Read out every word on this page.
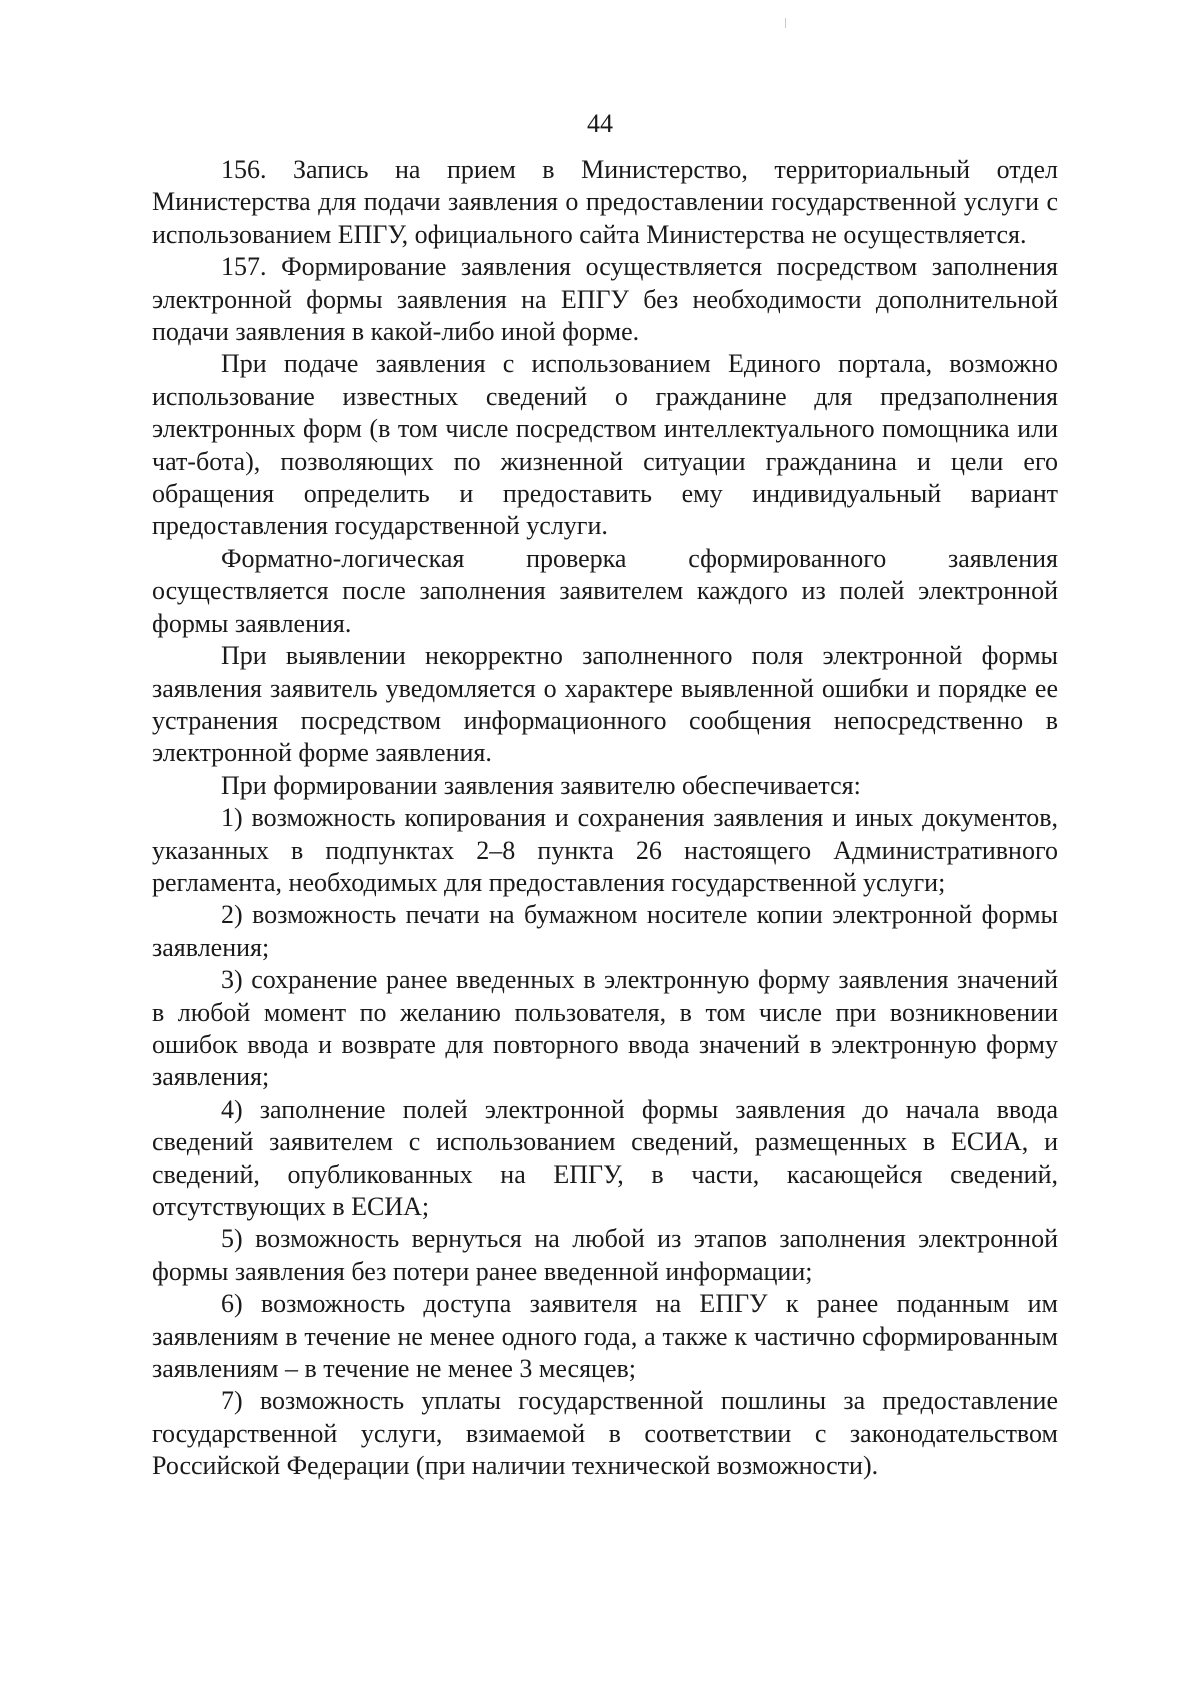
44

156. Запись на прием в Министерство, территориальный отдел Министерства для подачи заявления о предоставлении государственной услуги с использованием ЕПГУ, официального сайта Министерства не осуществляется.

157. Формирование заявления осуществляется посредством заполнения электронной формы заявления на ЕПГУ без необходимости дополнительной подачи заявления в какой-либо иной форме.

При подаче заявления с использованием Единого портала, возможно использование известных сведений о гражданине для предзаполнения электронных форм (в том числе посредством интеллектуального помощника или чат-бота), позволяющих по жизненной ситуации гражданина и цели его обращения определить и предоставить ему индивидуальный вариант предоставления государственной услуги.

Форматно-логическая проверка сформированного заявления осуществляется после заполнения заявителем каждого из полей электронной формы заявления.

При выявлении некорректно заполненного поля электронной формы заявления заявитель уведомляется о характере выявленной ошибки и порядке ее устранения посредством информационного сообщения непосредственно в электронной форме заявления.

При формировании заявления заявителю обеспечивается:

1) возможность копирования и сохранения заявления и иных документов, указанных в подпунктах 2–8 пункта 26 настоящего Административного регламента, необходимых для предоставления государственной услуги;

2) возможность печати на бумажном носителе копии электронной формы заявления;

3) сохранение ранее введенных в электронную форму заявления значений в любой момент по желанию пользователя, в том числе при возникновении ошибок ввода и возврате для повторного ввода значений в электронную форму заявления;

4) заполнение полей электронной формы заявления до начала ввода сведений заявителем с использованием сведений, размещенных в ЕСИА, и сведений, опубликованных на ЕПГУ, в части, касающейся сведений, отсутствующих в ЕСИА;

5) возможность вернуться на любой из этапов заполнения электронной формы заявления без потери ранее введенной информации;

6) возможность доступа заявителя на ЕПГУ к ранее поданным им заявлениям в течение не менее одного года, а также к частично сформированным заявлениям – в течение не менее 3 месяцев;

7) возможность уплаты государственной пошлины за предоставление государственной услуги, взимаемой в соответствии с законодательством Российской Федерации (при наличии технической возможности).
